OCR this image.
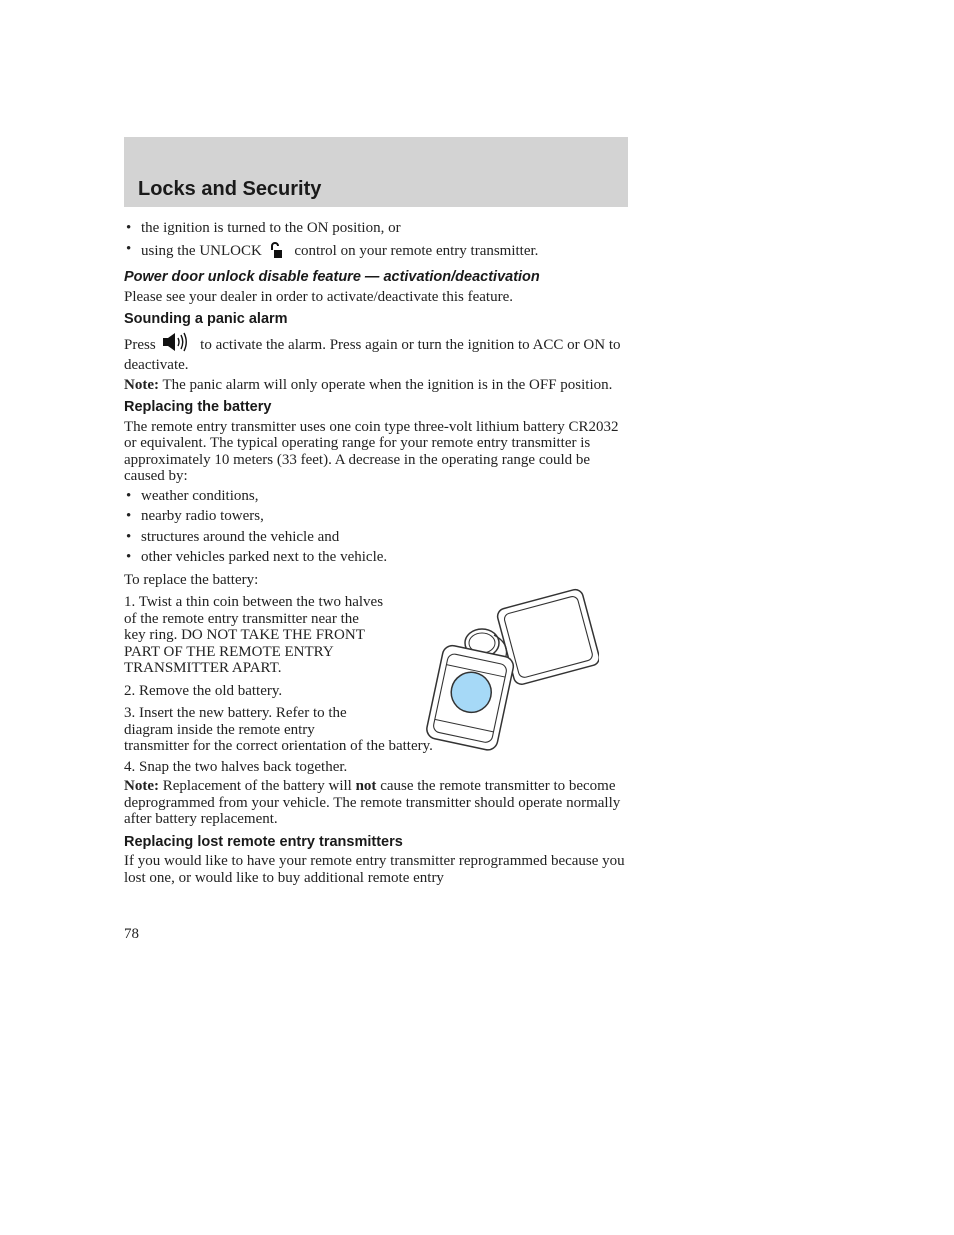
Locks and Security

• the ignition is turned to the ON position, or

• using the UNLOCK control on your remote entry transmitter.

Power door unlock disable feature — activation/deactivation

Please see your dealer in order to activate/deactivate this feature.

Sounding a panic alarm

Press	to activate the alarm. Press again or turn the ignition to ACC or ON to deactivate.

Note: The panic alarm will only operate when the ignition is in the OFF position.

Replacing the battery

The remote entry transmitter uses one coin type three-volt lithium battery CR2032 or equivalent. The typical operating range for your remote entry transmitter is approximately 10 meters (33 feet). A decrease in the operating range could be caused by:

• weather conditions,

• nearby radio towers,

• structures around the vehicle and

• other vehicles parked next to the vehicle.

To replace the battery:

1. Twist a thin coin between the two halves of the remote entry transmitter near the key ring. DO NOT TAKE THE FRONT PART OF THE REMOTE ENTRY TRANSMITTER APART.

2. Remove the old battery.

3. Insert the new battery. Refer to the diagram inside the remote entry

transmitter for the correct orientation of the battery.

4. Snap the two halves back together.

Note: Replacement of the battery will not cause the remote transmitter to become deprogrammed from your vehicle. The remote transmitter should operate normally after battery replacement.

Replacing lost remote entry transmitters

If you would like to have your remote entry transmitter reprogrammed because you lost one, or would like to buy additional remote entry

78
